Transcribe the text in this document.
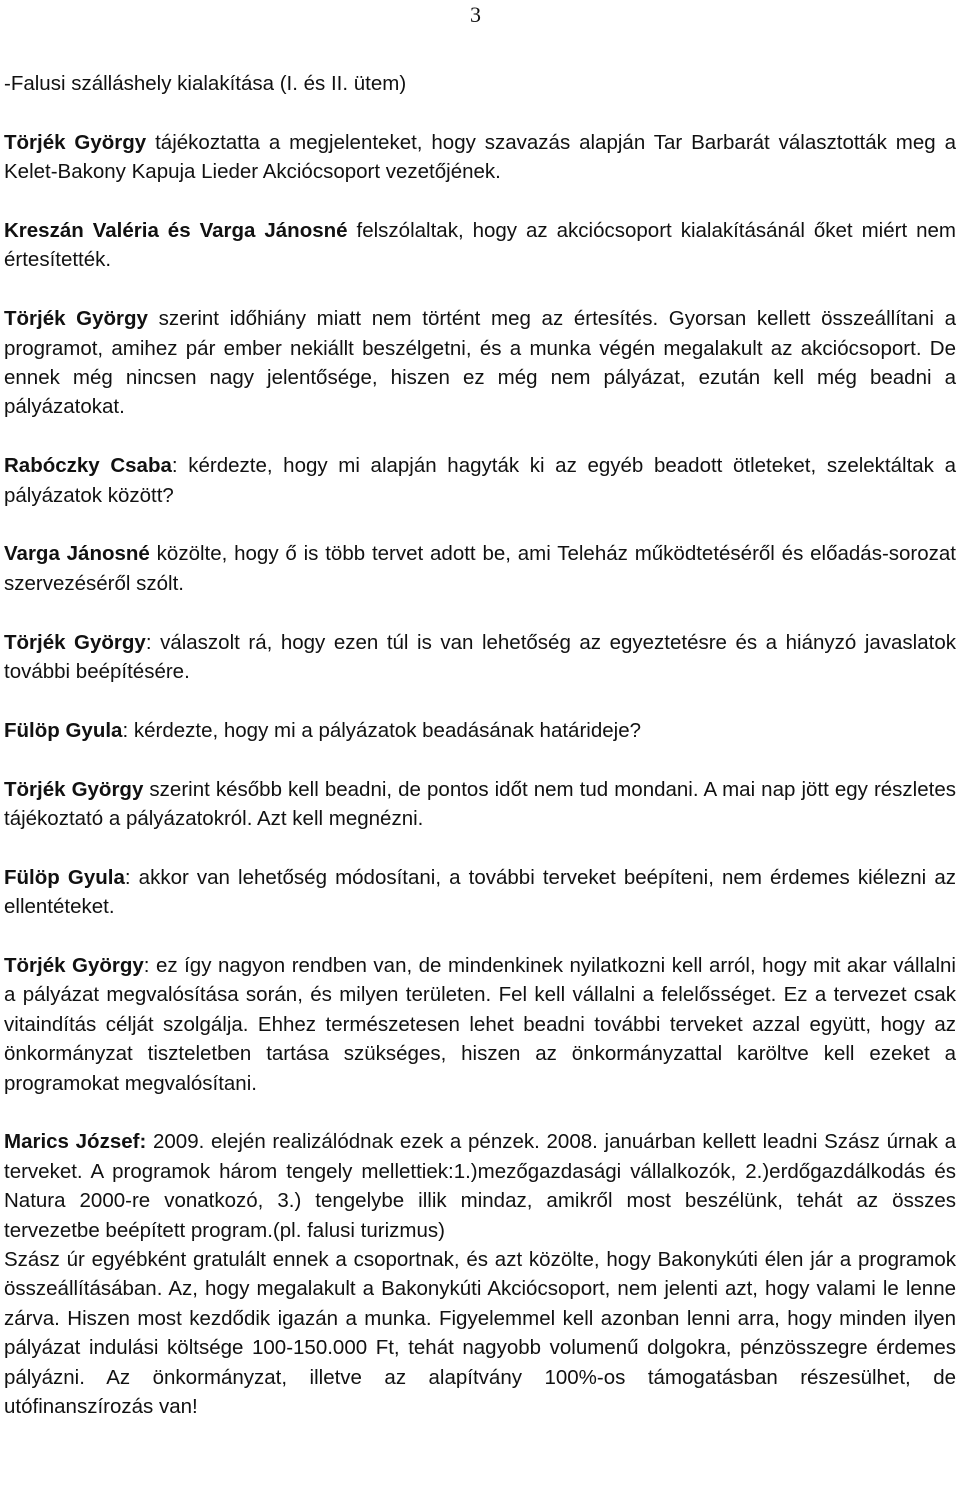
3

-Falusi szálláshely kialakítása (I. és II. ütem)

Törjék György tájékoztatta a megjelenteket, hogy szavazás alapján Tar Barbarát választották meg a Kelet-Bakony Kapuja Lieder Akciócsoport vezetőjének.

Kreszán Valéria és Varga Jánosné felszólaltak, hogy az akciócsoport kialakításánál őket miért nem értesítették.

Törjék György szerint időhiány miatt nem történt meg az értesítés. Gyorsan kellett összeállítani a programot, amihez pár ember nekiállt beszélgetni, és a munka végén megalakult az akciócsoport. De ennek még nincsen nagy jelentősége, hiszen ez még nem pályázat, ezután kell még beadni a pályázatokat.

Rabóczky Csaba: kérdezte, hogy mi alapján hagyták ki az egyéb beadott ötleteket, szelektáltak a pályázatok között?

Varga Jánosné közölte, hogy ő is több tervet adott be, ami Teleház működtetéséről és előadás-sorozat szervezéséről szólt.

Törjék György: válaszolt rá, hogy ezen túl is van lehetőség az egyeztetésre és a hiányzó javaslatok további beépítésére.

Fülöp Gyula: kérdezte, hogy mi a pályázatok beadásának határideje?

Törjék György szerint később kell beadni, de pontos időt nem tud mondani. A mai nap jött egy részletes tájékoztató a pályázatokról. Azt kell megnézni.

Fülöp Gyula: akkor van lehetőség módosítani, a további terveket beépíteni, nem érdemes kiélezni az ellentéteket.

Törjék György: ez így nagyon rendben van, de mindenkinek nyilatkozni kell arról, hogy mit akar vállalni a pályázat megvalósítása során, és milyen területen. Fel kell vállalni a felelősséget. Ez a tervezet csak vitaindítás célját szolgálja. Ehhez természetesen lehet beadni további terveket azzal együtt, hogy az önkormányzat tiszteletben tartása szükséges, hiszen az önkormányzattal karöltve kell ezeket a programokat megvalósítani.

Marics József: 2009. elején realizálódnak ezek a pénzek. 2008. januárban kellett leadni Szász úrnak a terveket. A programok három tengely mellettiek:1.)mezőgazdasági vállalkozók, 2.)erdőgazdálkodás és Natura 2000-re vonatkozó, 3.) tengelybe illik mindaz, amikről most beszélünk, tehát az összes tervezetbe beépített program.(pl. falusi turizmus)

Szász úr egyébként gratulált ennek a csoportnak, és azt közölte, hogy Bakonykúti élen jár a programok összeállításában. Az, hogy megalakult a Bakonykúti Akciócsoport, nem jelenti azt, hogy valami le lenne zárva. Hiszen most kezdődik igazán a munka. Figyelemmel kell azonban lenni arra, hogy minden ilyen pályázat indulási költsége 100-150.000 Ft, tehát nagyobb volumenű dolgokra, pénzösszegre érdemes pályázni. Az önkormányzat, illetve az alapítvány 100%-os támogatásban részesülhet, de utófinanszírozás van!
